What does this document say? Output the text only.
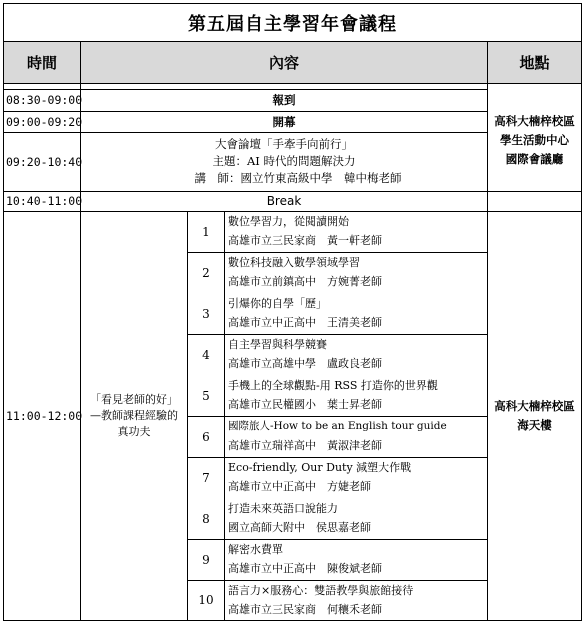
第五屆自主學習年會議程
時間	內容	地點
08:30-09:00
09:00-09:20
09:20-10:40
10:40-11:00
11:00-12:00
報到
開幕
大會論壇「手牽手向前行」
主題：AI 時代的問題解決力
講　師：國立竹東高級中學　韓中梅老師
Break
高科大楠梓校區
學生活動中心
國際會議廳
高科大楠梓校區
海天樓
「看見老師的好」
—教師課程經驗的
真功夫
1
2
3
4
5
6
7
8
9
10
數位學習力，從閱讀開始
高雄市立三民家商　黃一軒老師
數位科技融入數學領域學習
高雄市立前鎮高中　方婉菁老師
引爆你的自學「歷」
高雄市立中正高中　王清美老師
自主學習與科學競賽
高雄市立高雄中學　盧政良老師
手機上的全球觀點-用 RSS 打造你的世界觀
高雄市立民權國小　葉士昇老師
國際旅人-How to be an English tour guide
高雄市立瑞祥高中　黃淑津老師
Eco-friendly, Our Duty 減塑大作戰
高雄市立中正高中　方婕老師
打造未來英語口說能力
國立高師大附中　侯思嘉老師
解密水費單
高雄市立中正高中　陳俊斌老師
語言力×服務心：雙語教學與旅館接待
高雄市立三民家商　何穰禾老師
